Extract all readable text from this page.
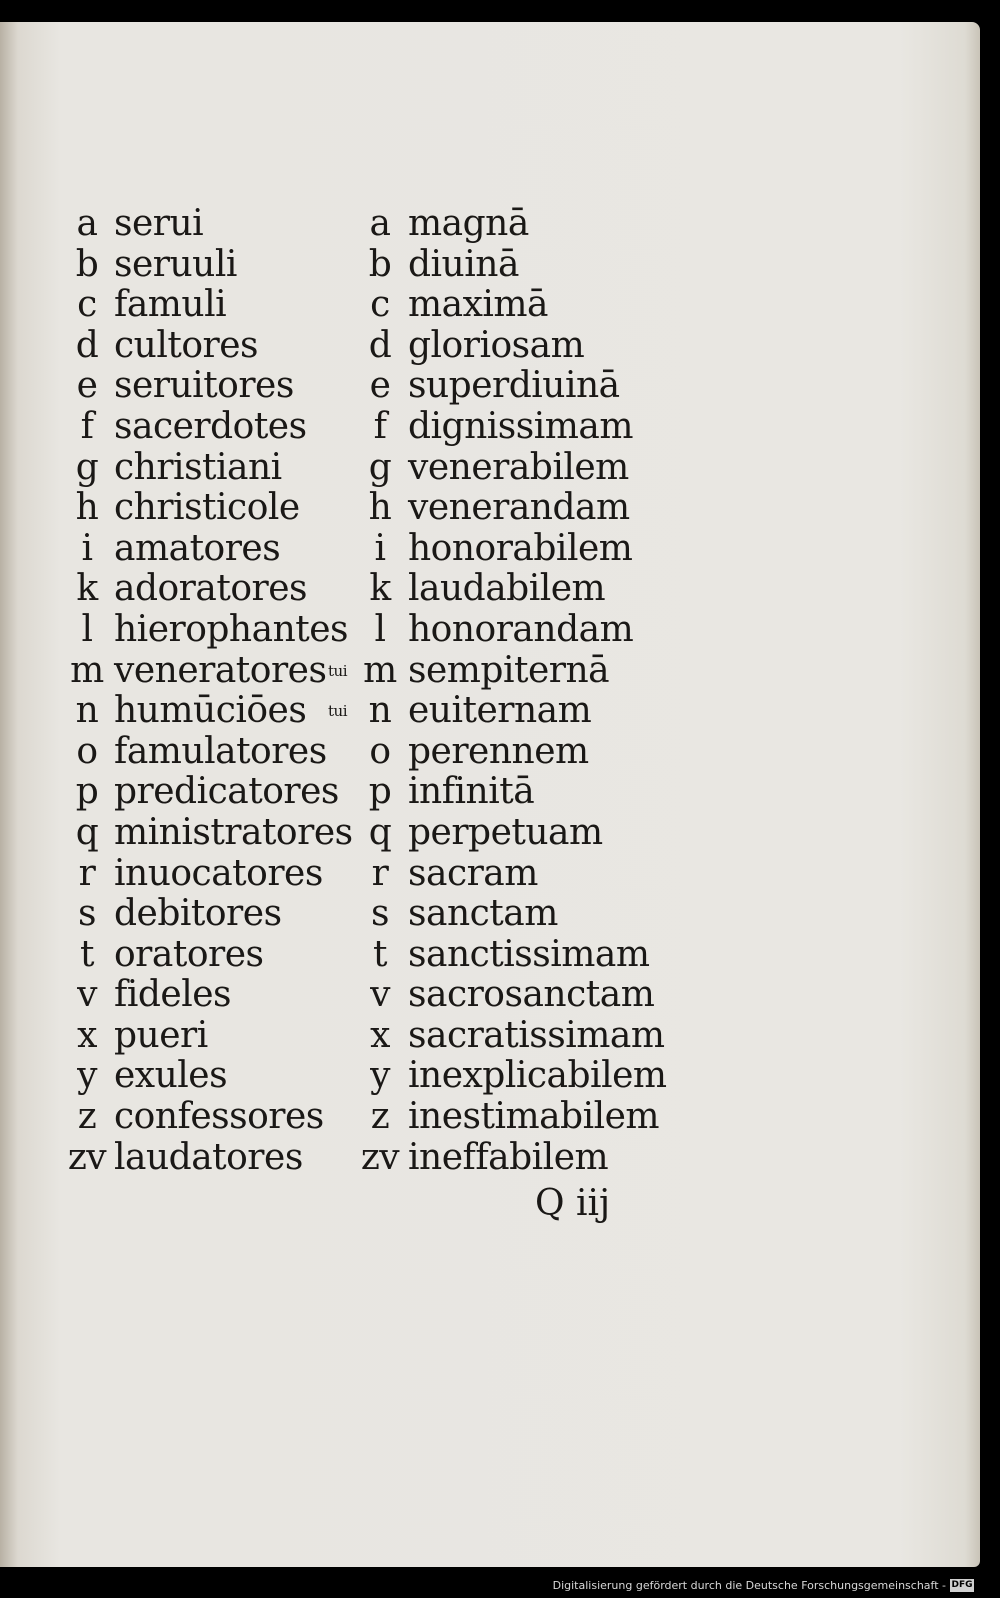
a serui	a magnā
b seruuli	b diuinā
c famuli	c maximā
d cultores	d gloriosam
e seruitores e superdiuinā
f sacerdotes	f dignissimam
g christiani g venerabilem
h christicole h venerandam
i amatores	i honorabilem
k adoratores k laudabilem
l hierophantes l honorandam
m veneratores tui m sempiternā
n humūciōes tui n euiternam
o famulatores o perennem
p predicatores p infinitā
q ministratores q perpetuam
r inuocatores	r sacram
s debitores	s sanctam
t oratores	t sanctissimam
v fideles	v sacrosanctam
x pueri	x sacratissimam
y exules	y inexplicabilem
z confessores z inestimabilem
zv laudatores zv ineffabilem
Q iij
Digitalisierung gefördert durch die Deutsche Forschungsgemeinschaft - DFG
